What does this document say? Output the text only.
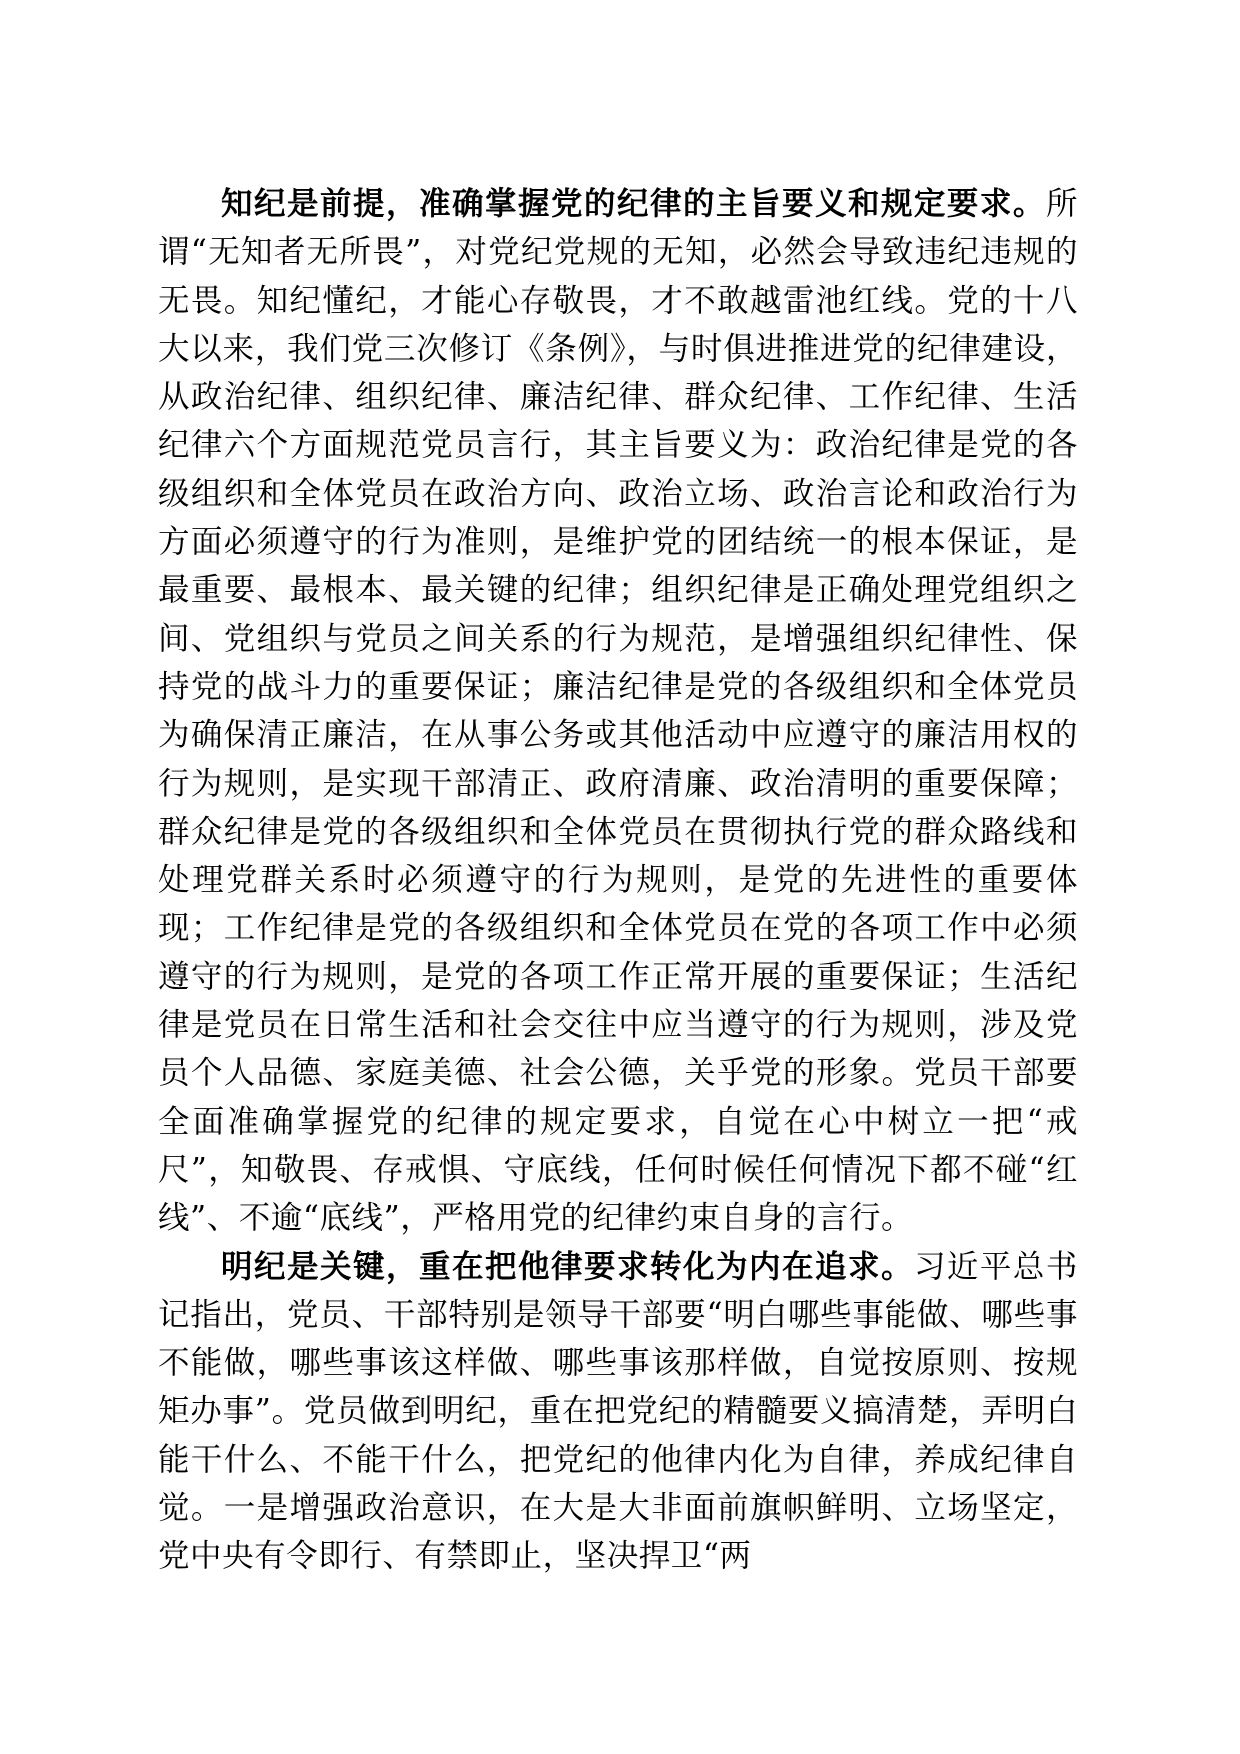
知纪是前提，准确掌握党的纪律的主旨要义和规定要求。所谓“无知者无所畏”，对党纪党规的无知，必然会导致违纪违规的无畏。知纪懂纪，才能心存敬畏，才不敢越雷池红线。党的十八大以来，我们党三次修订《条例》，与时俱进推进党的纪律建设，从政治纪律、组织纪律、廉洁纪律、群众纪律、工作纪律、生活纪律六个方面规范党员言行，其主旨要义为：政治纪律是党的各级组织和全体党员在政治方向、政治立场、政治言论和政治行为方面必须遵守的行为准则，是维护党的团结统一的根本保证，是最重要、最根本、最关键的纪律；组织纪律是正确处理党组织之间、党组织与党员之间关系的行为规范，是增强组织纪律性、保持党的战斗力的重要保证；廉洁纪律是党的各级组织和全体党员为确保清正廉洁，在从事公务或其他活动中应遵守的廉洁用权的行为规则，是实现干部清正、政府清廉、政治清明的重要保障；群众纪律是党的各级组织和全体党员在贯彻执行党的群众路线和处理党群关系时必须遵守的行为规则，是党的先进性的重要体现；工作纪律是党的各级组织和全体党员在党的各项工作中必须遵守的行为规则，是党的各项工作正常开展的重要保证；生活纪律是党员在日常生活和社会交往中应当遵守的行为规则，涉及党员个人品德、家庭美德、社会公德，关乎党的形象。党员干部要全面准确掌握党的纪律的规定要求，自觉在心中树立一把“戒尺”，知敬畏、存戒惧、守底线，任何时候任何情况下都不碰“红线”、不逾“底线”，严格用党的纪律约束自身的言行。

明纪是关键，重在把他律要求转化为内在追求。习近平总书记指出，党员、干部特别是领导干部要“明白哪些事能做、哪些事不能做，哪些事该这样做、哪些事该那样做，自觉按原则、按规矩办事”。党员做到明纪，重在把党纪的精髓要义搞清楚，弄明白能干什么、不能干什么，把党纪的他律内化为自律，养成纪律自觉。一是增强政治意识，在大是大非面前旗帜鲜明、立场坚定，党中央有令即行、有禁即止，坚决捍卫“两
